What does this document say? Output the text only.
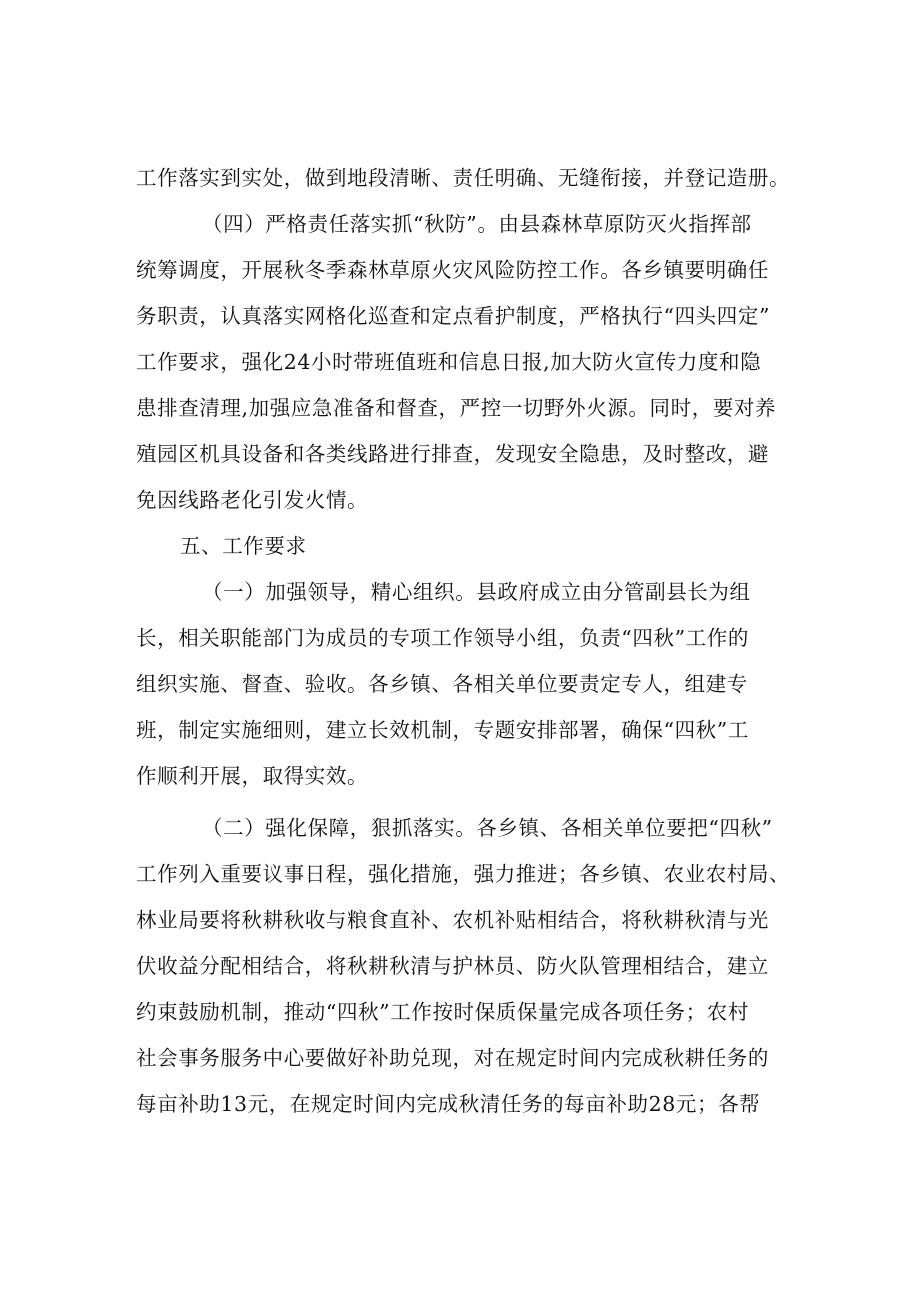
工作落实到实处，做到地段清晰、责任明确、无缝衔接，并登记造册。
（四）严格责任落实抓“秋防”。由县森林草原防灭火指挥部
统筹调度，开展秋冬季森林草原火灾风险防控工作。各乡镇要明确任
务职责，认真落实网格化巡查和定点看护制度，严格执行“四头四定”
工作要求，强化24小时带班值班和信息日报,加大防火宣传力度和隐
患排查清理,加强应急准备和督查，严控一切野外火源。同时，要对养
殖园区机具设备和各类线路进行排查，发现安全隐患，及时整改，避
免因线路老化引发火情。
五、工作要求
（一）加强领导，精心组织。县政府成立由分管副县长为组
长，相关职能部门为成员的专项工作领导小组，负责“四秋”工作的
组织实施、督查、验收。各乡镇、各相关单位要责定专人，组建专
班，制定实施细则，建立长效机制，专题安排部署，确保“四秋”工
作顺利开展，取得实效。
（二）强化保障，狠抓落实。各乡镇、各相关单位要把“四秋”
工作列入重要议事日程，强化措施，强力推进；各乡镇、农业农村局、
林业局要将秋耕秋收与粮食直补、农机补贴相结合，将秋耕秋清与光
伏收益分配相结合，将秋耕秋清与护林员、防火队管理相结合，建立
约束鼓励机制，推动“四秋”工作按时保质保量完成各项任务；农村
社会事务服务中心要做好补助兑现，对在规定时间内完成秋耕任务的
每亩补助13元，在规定时间内完成秋清任务的每亩补助28元；各帮
